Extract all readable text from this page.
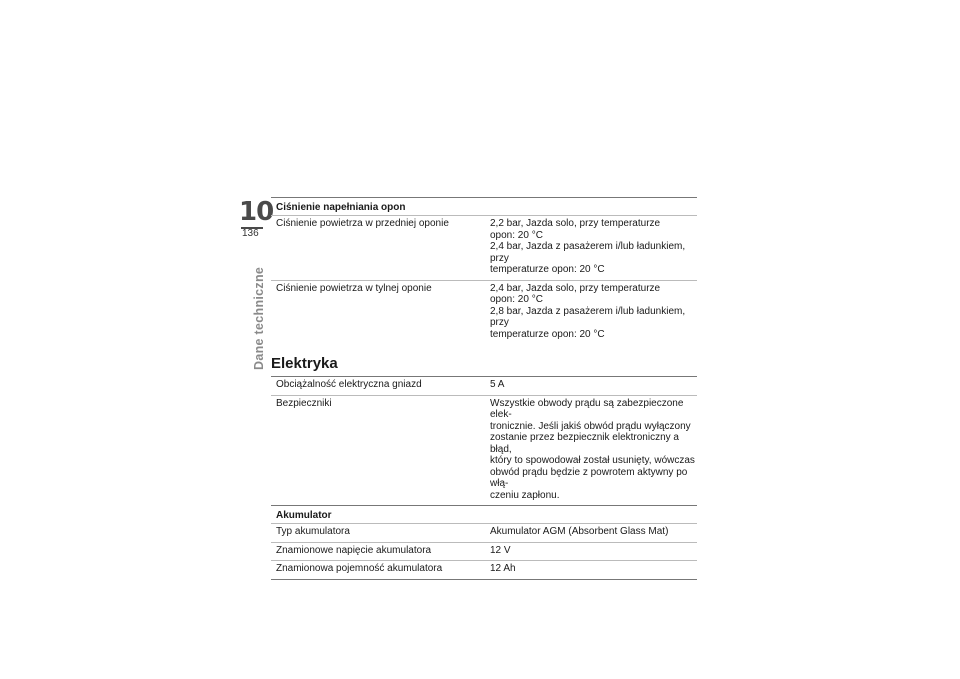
10
136
Dane techniczne
Ciśnienie napełniania opon
Ciśnienie powietrza w przedniej oponie	2,2 bar, Jazda solo, przy temperaturze
opon: 20 °C
2,4 bar, Jazda z pasażerem i/lub ładunkiem, przy
temperaturze opon: 20 °C
Ciśnienie powietrza w tylnej oponie	2,4 bar, Jazda solo, przy temperaturze
opon: 20 °C
2,8 bar, Jazda z pasażerem i/lub ładunkiem, przy
temperaturze opon: 20 °C
Elektryka
Obciążalność elektryczna gniazd	5 A
Bezpieczniki	Wszystkie obwody prądu są zabezpieczone elek-
tronicznie. Jeśli jakiś obwód prądu wyłączony
zostanie przez bezpiecznik elektroniczny a błąd,
który to spowodował został usunięty, wówczas
obwód prądu będzie z powrotem aktywny po włą-
czeniu zapłonu.
Akumulator
Typ akumulatora	Akumulator AGM (Absorbent Glass Mat)
Znamionowe napięcie akumulatora	12 V
Znamionowa pojemność akumulatora	12 Ah
